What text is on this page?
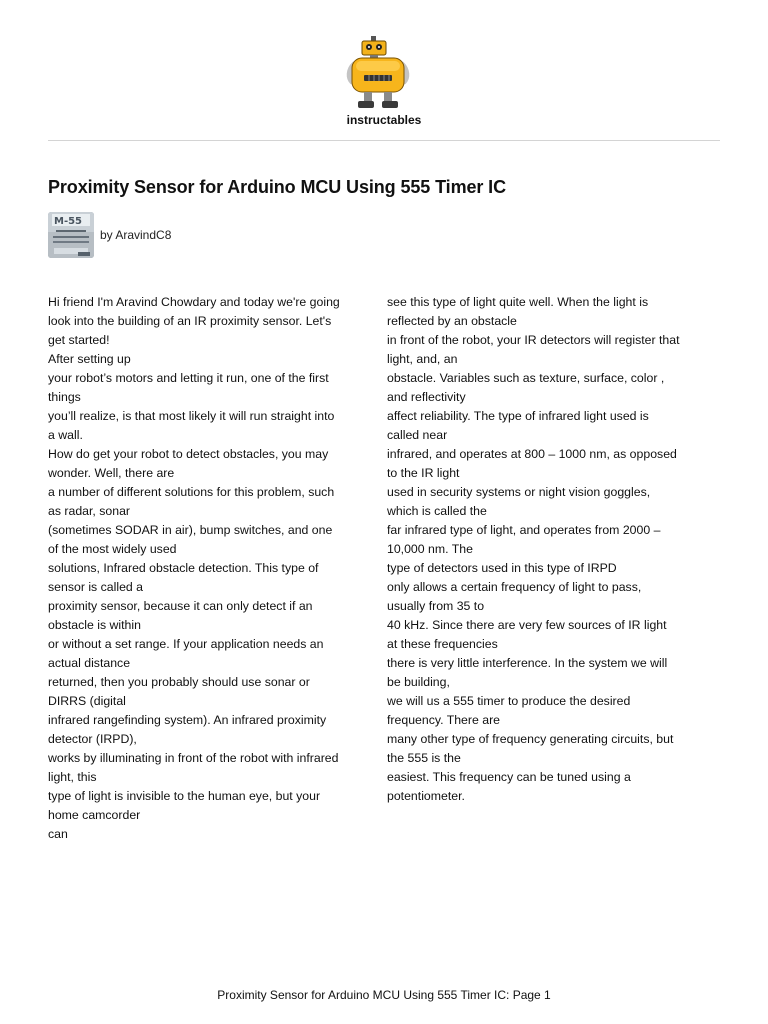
instructables
Proximity Sensor for Arduino MCU Using 555 Timer IC
M-55
by AravindC8
Hi friend I'm Aravind Chowdary and today we're going
look into the building of an IR proximity sensor. Let's
get started!
After setting up
your robot’s motors and letting it run, one of the first
things
you’ll realize, is that most likely it will run straight into
a wall.
How do get your robot to detect obstacles, you may
wonder. Well, there are
a number of different solutions for this problem, such
as radar, sonar
(sometimes SODAR in air), bump switches, and one
of the most widely used
solutions, Infrared obstacle detection. This type of
sensor is called a
proximity sensor, because it can only detect if an
obstacle is within
or without a set range. If your application needs an
actual distance
returned, then you probably should use sonar or
DIRRS (digital
infrared rangefinding system). An infrared proximity
detector (IRPD),
works by illuminating in front of the robot with infrared
light, this
type of light is invisible to the human eye, but your
home camcorder
can
see this type of light quite well. When the light is
reflected by an obstacle
in front of the robot, your IR detectors will register that
light, and, an
obstacle. Variables such as texture, surface, color ,
and reflectivity
affect reliability. The type of infrared light used is
called near
infrared, and operates at 800 – 1000 nm, as opposed
to the IR light
used in security systems or night vision goggles,
which is called the
far infrared type of light, and operates from 2000 –
10,000 nm. The
type of detectors used in this type of IRPD
only allows a certain frequency of light to pass,
usually from 35 to
40 kHz. Since there are very few sources of IR light
at these frequencies
there is very little interference. In the system we will
be building,
we will us a 555 timer to produce the desired
frequency. There are
many other type of frequency generating circuits, but
the 555 is the
easiest. This frequency can be tuned using a
potentiometer.
Proximity Sensor for Arduino MCU Using 555 Timer IC: Page 1
